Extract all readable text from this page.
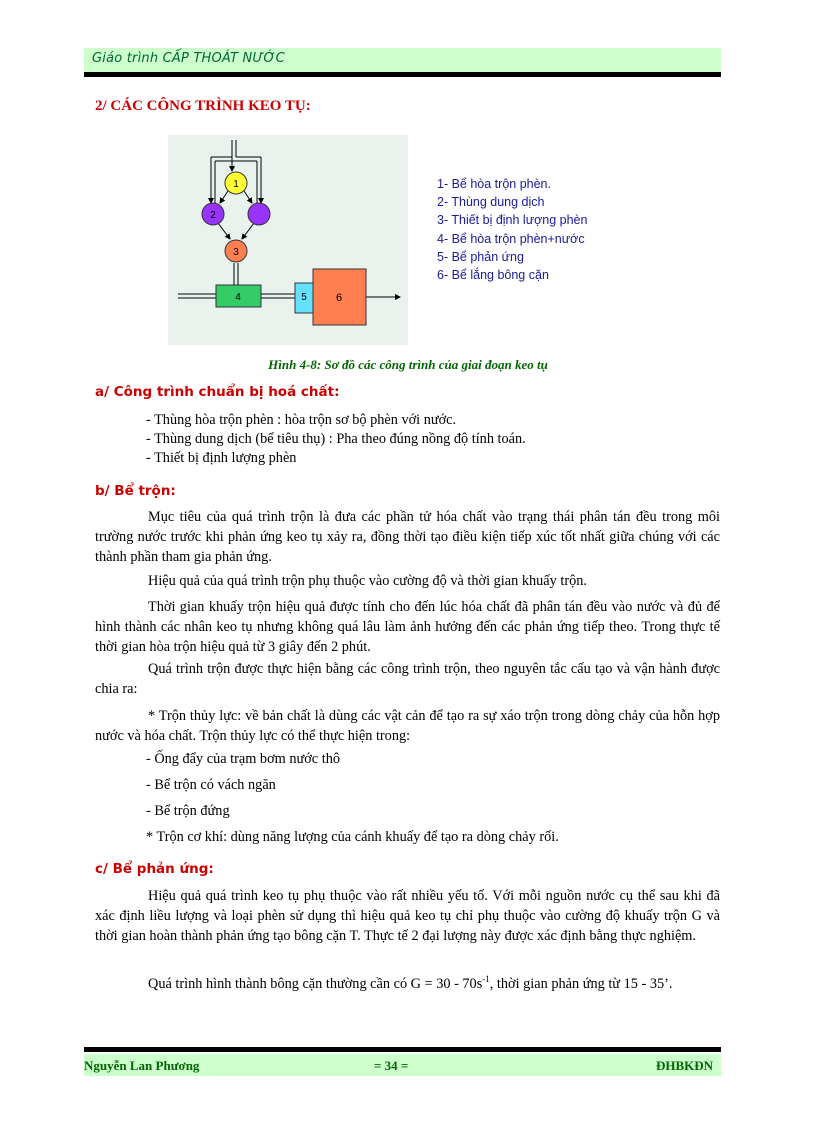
Giáo trình CẤP THOÁT NƯỚC
2/ CÁC CÔNG TRÌNH KEO TỤ:
1
2
3
4	5	6
1- Bể hòa trộn phèn.
2- Thùng dung dịch
3- Thiết bị định lượng phèn
4- Bể hòa trộn phèn+nước
5- Bể phản ứng
6- Bể lắng bông cặn
Hình 4-8: Sơ đồ các công trình của giai đoạn keo tụ
a/ Công trình chuẩn bị hoá chất:
- Thùng hòa trộn phèn : hòa trộn sơ bộ phèn với nước.
- Thùng dung dịch (bể tiêu thụ) : Pha theo đúng nồng độ tính toán.
- Thiết bị định lượng phèn
b/ Bể trộn:
Mục tiêu của quá trình trộn là đưa các phần tử hóa chất vào trạng thái phân tán đều trong môi trường nước trước khi phản ứng keo tụ xảy ra, đồng thời tạo điều kiện tiếp xúc tốt nhất giữa chúng với các thành phần tham gia phản ứng.
Hiệu quả của quá trình trộn phụ thuộc vào cường độ và thời gian khuấy trộn.
Thời gian khuấy trộn hiệu quả được tính cho đến lúc hóa chất đã phân tán đều vào nước và đủ để hình thành các nhân keo tụ nhưng không quá lâu làm ảnh hưởng đến các phản ứng tiếp theo. Trong thực tế thời gian hòa trộn hiệu quả từ 3 giây đến 2 phút.
Quá trình trộn được thực hiện bằng các công trình trộn, theo nguyên tắc cấu tạo và vận hành được chia ra:
* Trộn thủy lực: về bản chất là dùng các vật cản để tạo ra sự xáo trộn trong dòng chảy của hỗn hợp nước và hóa chất. Trộn thủy lực có thể thực hiện trong:
- Ống đẩy của trạm bơm nước thô
- Bể trộn có vách ngăn
- Bể trộn đứng
* Trộn cơ khí: dùng năng lượng của cánh khuấy để tạo ra dòng chảy rối.
c/ Bể phản ứng:
Hiệu quả quá trình keo tụ phụ thuộc vào rất nhiều yếu tố. Với mỗi nguồn nước cụ thể sau khi đã xác định liều lượng và loại phèn sử dụng thì hiệu quả keo tụ chỉ phụ thuộc vào cường độ khuấy trộn G và thời gian hoàn thành phản ứng tạo bông cặn T. Thực tế 2 đại lượng này được xác định bằng thực nghiệm.
Quá trình hình thành bông cặn thường cần có $G = 30 - 70s^{-1}$, thời gian phản ứng từ 15 - 35’.
Nguyễn Lan Phương	= 34 =	ĐHBKĐN
